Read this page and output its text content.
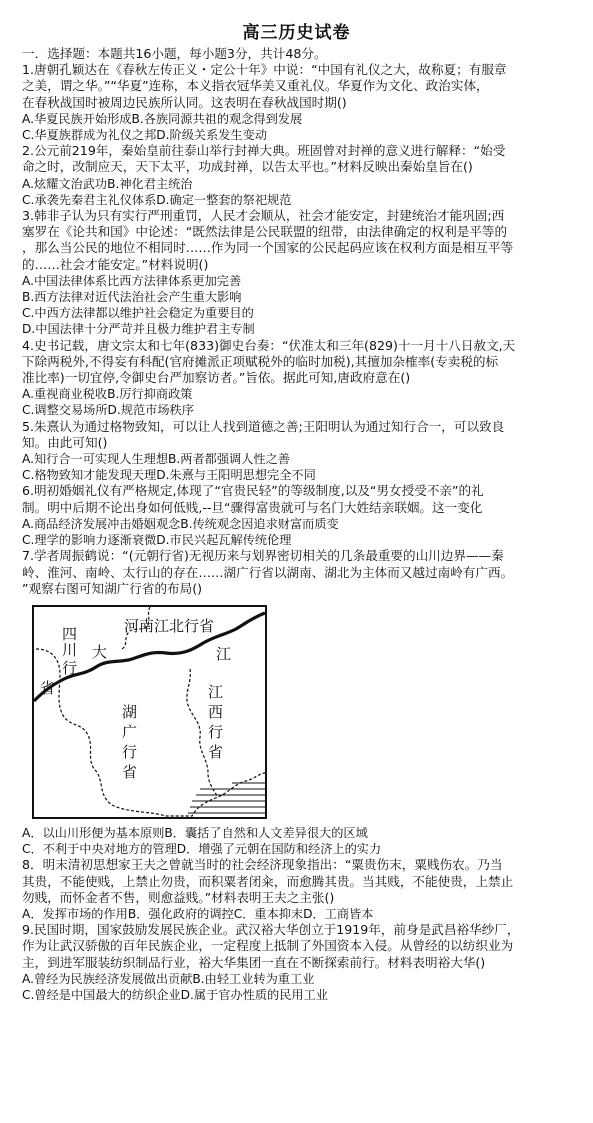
高三历史试卷
一．选择题：本题共16小题，每小题3分，共计48分。
1.唐朝孔颖达在《春秋左传正义・定公十年》中说：“中国有礼仪之大，故称夏；有服章
之美，谓之华。”“华夏”连称，本义指衣冠华美又重礼仪。华夏作为文化、政治实体，
在春秋战国时被周边民族所认同。这表明在春秋战国时期()
A.华夏民族开始形成B.各族同源共祖的观念得到发展
C.华夏族群成为礼仪之邦D.阶级关系发生变动
2.公元前219年，秦始皇前往泰山举行封禅大典。班固曾对封禅的意义进行解释：“始受
命之时，改制应天，天下太平，功成封禅，以告太平也。”材料反映出秦始皇旨在()
A.炫耀文治武功B.神化君主统治
C.承袭先秦君主礼仪体系D.确定一整套的祭祀规范
3.韩非子认为只有实行严刑重罚，人民才会顺从，社会才能安定，封建统治才能巩固;西
塞罗在《论共和国》中论述：“既然法律是公民联盟的纽带，由法律确定的权利是平等的
，那么当公民的地位不相同时……作为同一个国家的公民起码应该在权利方面是相互平等
的……社会才能安定。”材料说明()
A.中国法律体系比西方法律体系更加完善
B.西方法律对近代法治社会产生重大影响
C.中西方法律都以维护社会稳定为重要目的
D.中国法律十分严苛并且极力维护君主专制
4.史书记载，唐文宗太和七年(833)御史台奏：“伏准太和三年(829)十一月十八日赦文,天
下除两税外,不得妄有科配(官府摊派正项赋税外的临时加税),其擅加杂榷率(专卖税的标
准比率)一切宜停,令御史台严加察访者。”旨依。据此可知,唐政府意在()
A.重视商业税收B.厉行抑商政策
C.调整交易场所D.规范市场秩序
5.朱熹认为通过格物致知，可以让人找到道德之善;王阳明认为通过知行合一，可以致良
知。由此可知()
A.知行合一可实现人生理想B.两者都强调人性之善
C.格物致知才能发现天理D.朱熹与王阳明思想完全不同
6.明初婚姻礼仪有严格规定,体现了“官贵民轻”的等级制度,以及“男女授受不亲”的礼
制。明中后期不论出身如何低贱,--旦“骤得富贵就可与名门大姓结亲联姻。这一变化
A.商品经济发展冲击婚姻观念B.传统观念因追求财富而质变
C.理学的影响力逐渐衰微D.市民兴起瓦解传统伦理
7.学者周振鹤说：“(元朝行省)无视历来与划界密切相关的几条最重要的山川边界——秦
岭、淮河、南岭、太行山的存在……湖广行省以湖南、湖北为主体而又越过南岭有广西。
”观察右图可知湖广行省的布局()
河南江北行省
四
川
行
省
大	江
江
西
行
省
湖
广
行
省
A．以山川形便为基本原则B．囊括了自然和人文差异很大的区域
C．不利于中央对地方的管理D．增强了元朝在国防和经济上的实力
8．明末清初思想家王夫之曾就当时的社会经济现象指出：“粟贵伤末，粟贱伤农。乃当
其贵，不能使贱，上禁止勿贵，而积粟者闭籴，而愈腾其贵。当其贱，不能使贵，上禁止
勿贱，而怀金者不售，则愈益贱。”材料表明王夫之主张()
A．发挥市场的作用B．强化政府的调控C．重本抑末D．工商皆本
9.民国时期，国家鼓励发展民族企业。武汉裕大华创立于1919年，前身是武昌裕华纱厂，
作为让武汉骄傲的百年民族企业，一定程度上抵制了外国资本入侵。从曾经的以纺织业为
主，到进军服装纺织制品行业，裕大华集团一直在不断探索前行。材料表明裕大华()
A.曾经为民族经济发展做出贡献B.由轻工业转为重工业
C.曾经是中国最大的纺织企业D.属于官办性质的民用工业
